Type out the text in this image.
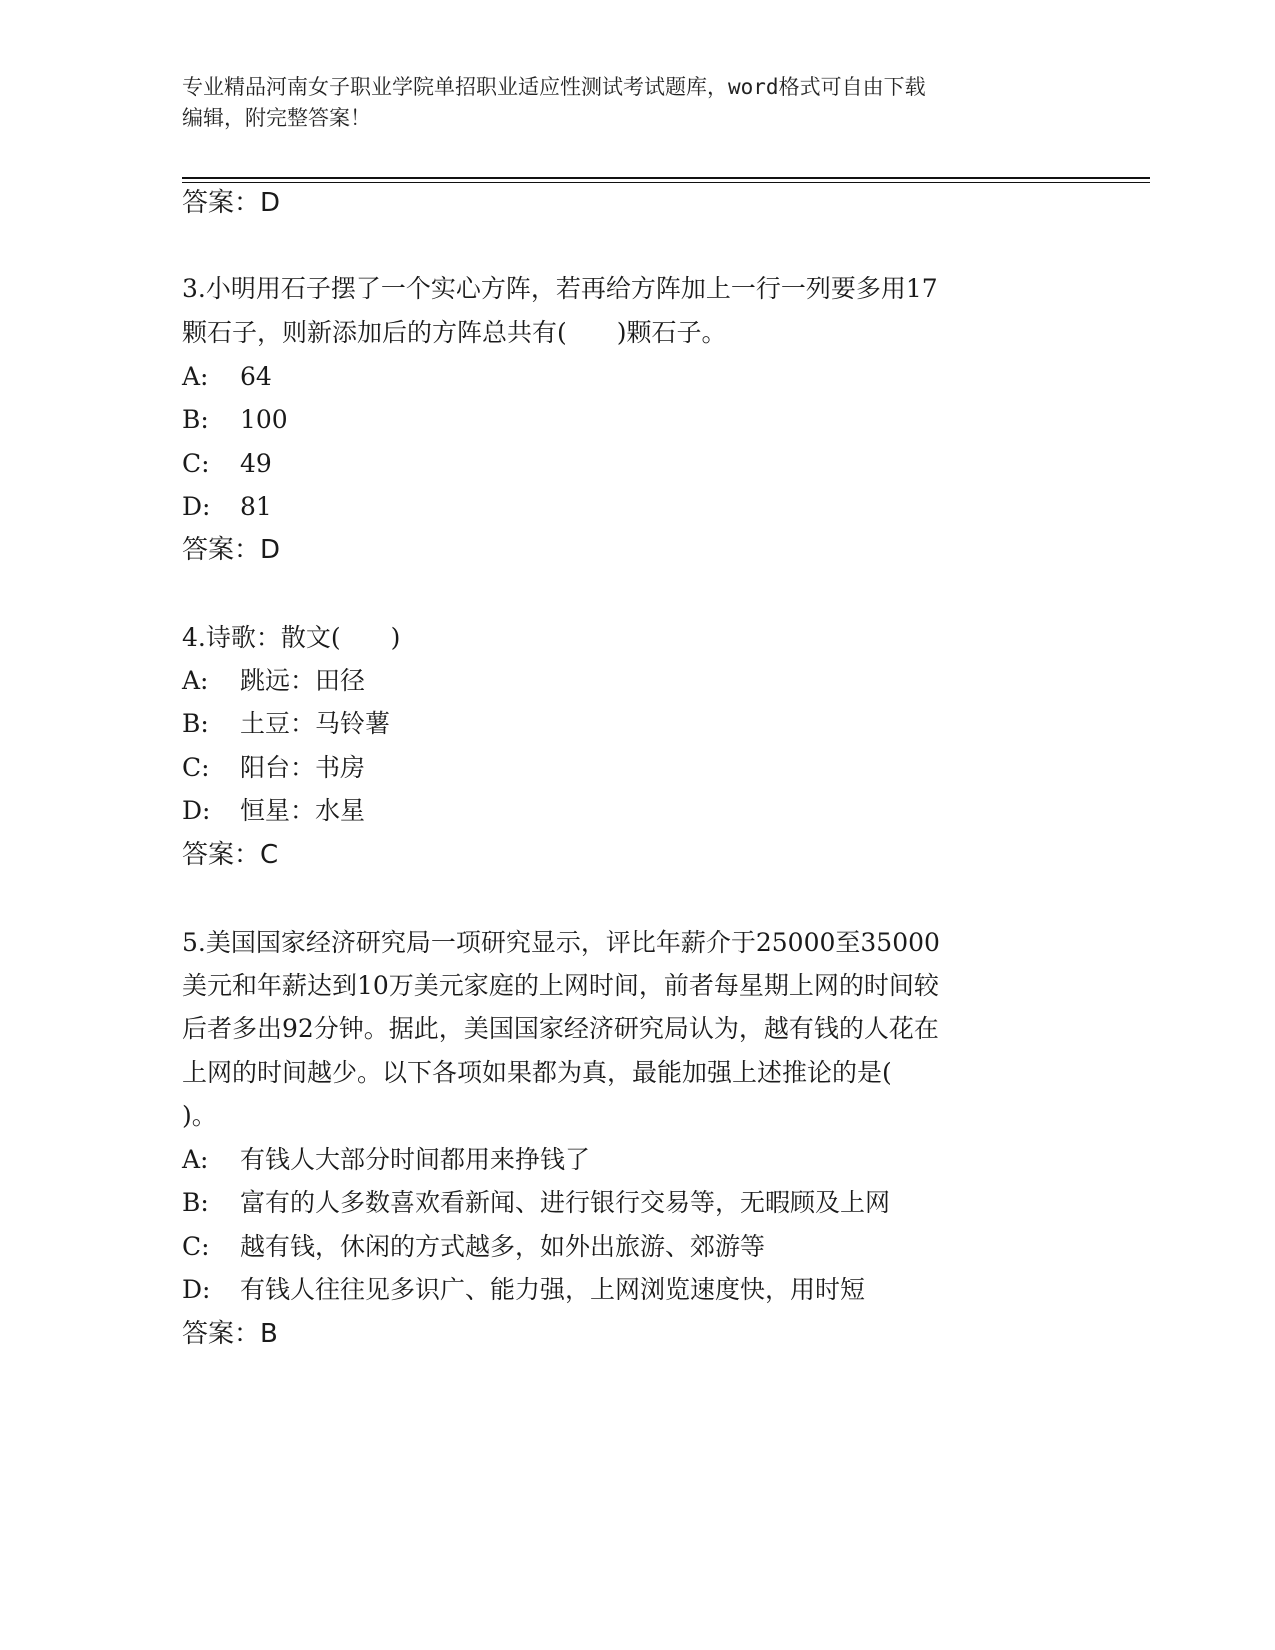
专业精品河南女子职业学院单招职业适应性测试考试题库，word格式可自由下载
编辑，附完整答案！
答案：D
3.小明用石子摆了一个实心方阵，若再给方阵加上一行一列要多用17
颗石子，则新添加后的方阵总共有(　　)颗石子。
A: 64
B: 100
C: 49
D: 81
答案：D
4.诗歌：散文(　　)
A: 跳远：田径
B: 土豆：马铃薯
C: 阳台：书房
D: 恒星：水星
答案：C
5.美国国家经济研究局一项研究显示，评比年薪介于25000至35000
美元和年薪达到10万美元家庭的上网时间，前者每星期上网的时间较
后者多出92分钟。据此，美国国家经济研究局认为，越有钱的人花在
上网的时间越少。以下各项如果都为真，最能加强上述推论的是(
)。
A: 有钱人大部分时间都用来挣钱了
B: 富有的人多数喜欢看新闻、进行银行交易等，无暇顾及上网
C: 越有钱，休闲的方式越多，如外出旅游、郊游等
D: 有钱人往往见多识广、能力强，上网浏览速度快，用时短
答案：B
